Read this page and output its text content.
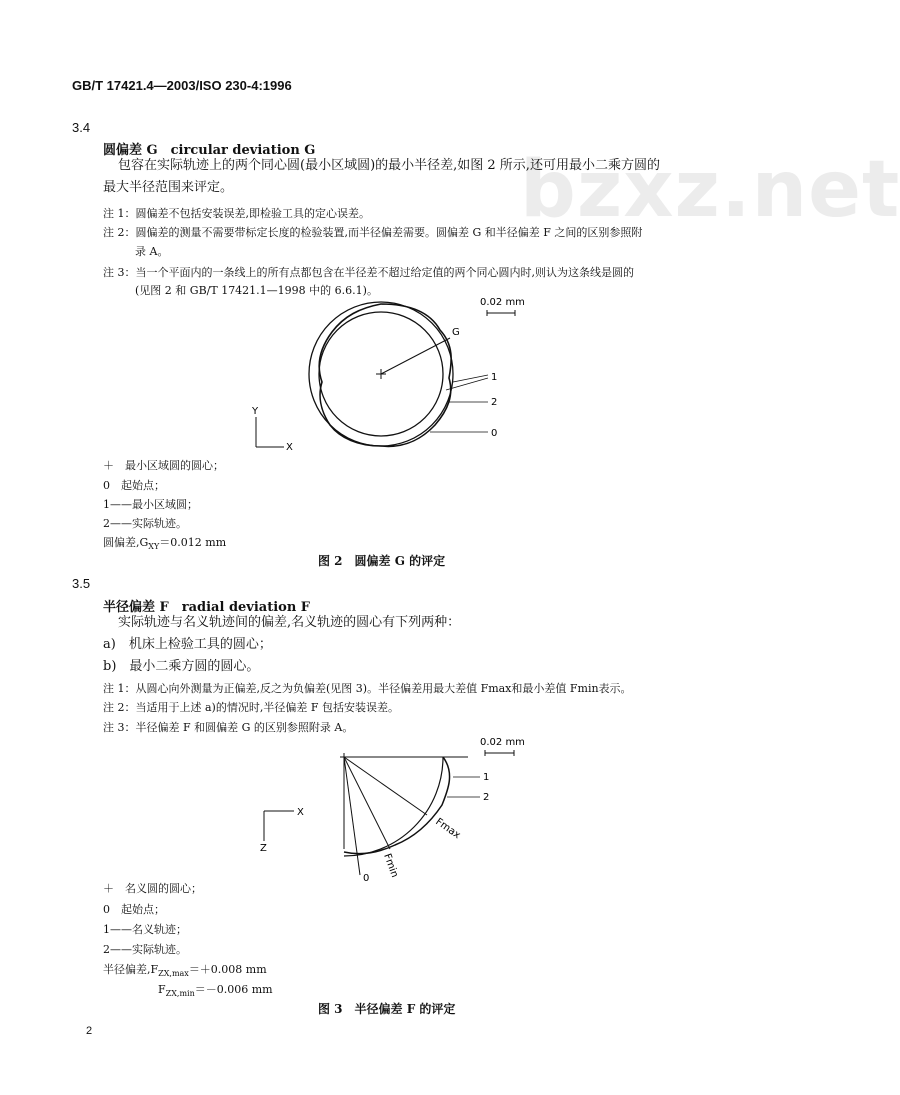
bzxz.net
GB/T 17421.4—2003/ISO 230-4:1996
3.4
圆偏差 G　circular deviation G
包容在实际轨迹上的两个同心圆(最小区域圆)的最小半径差,如图 2 所示,还可用最小二乘方圆的
最大半径范围来评定。
注 1：圆偏差不包括安装误差,即检验工具的定心误差。
注 2：圆偏差的测量不需要带标定长度的检验装置,而半径偏差需要。圆偏差 G 和半径偏差 F 之间的区别参照附
录 A。
注 3：当一个平面内的一条线上的所有点都包含在半径差不超过给定值的两个同心圆内时,则认为这条线是圆的
(见图 2 和 GB/T 17421.1—1998 中的 6.6.1)。
0.02 mm
G
1
2
0
Y
X
＋　最小区域圆的圆心；
0　起始点；
1——最小区域圆；
2——实际轨迹。
圆偏差$,G_{XY}=0.012$ mm
图 2　圆偏差 G 的评定
3.5
半径偏差 F　radial deviation F
实际轨迹与名义轨迹间的偏差,名义轨迹的圆心有下列两种：
a)　机床上检验工具的圆心；
b)　最小二乘方圆的圆心。
注 1：从圆心向外测量为正偏差,反之为负偏差(见图 3)。半径偏差用最大差值 Fmax和最小差值 Fmin表示。
注 2：当适用于上述 a)的情况时,半径偏差 F 包括安装误差。
注 3：半径偏差 F 和圆偏差 G 的区别参照附录 A。
0.02 mm
Fmax
Fmin
1
2
0
X
Z
＋　名义圆的圆心；
0　起始点；
1——名义轨迹；
2——实际轨迹。
半径偏差$,F_{ZX,max}=+0.008$ mm
$F_{ZX,min}=-0.006$ mm
图 3　半径偏差 F 的评定
2
